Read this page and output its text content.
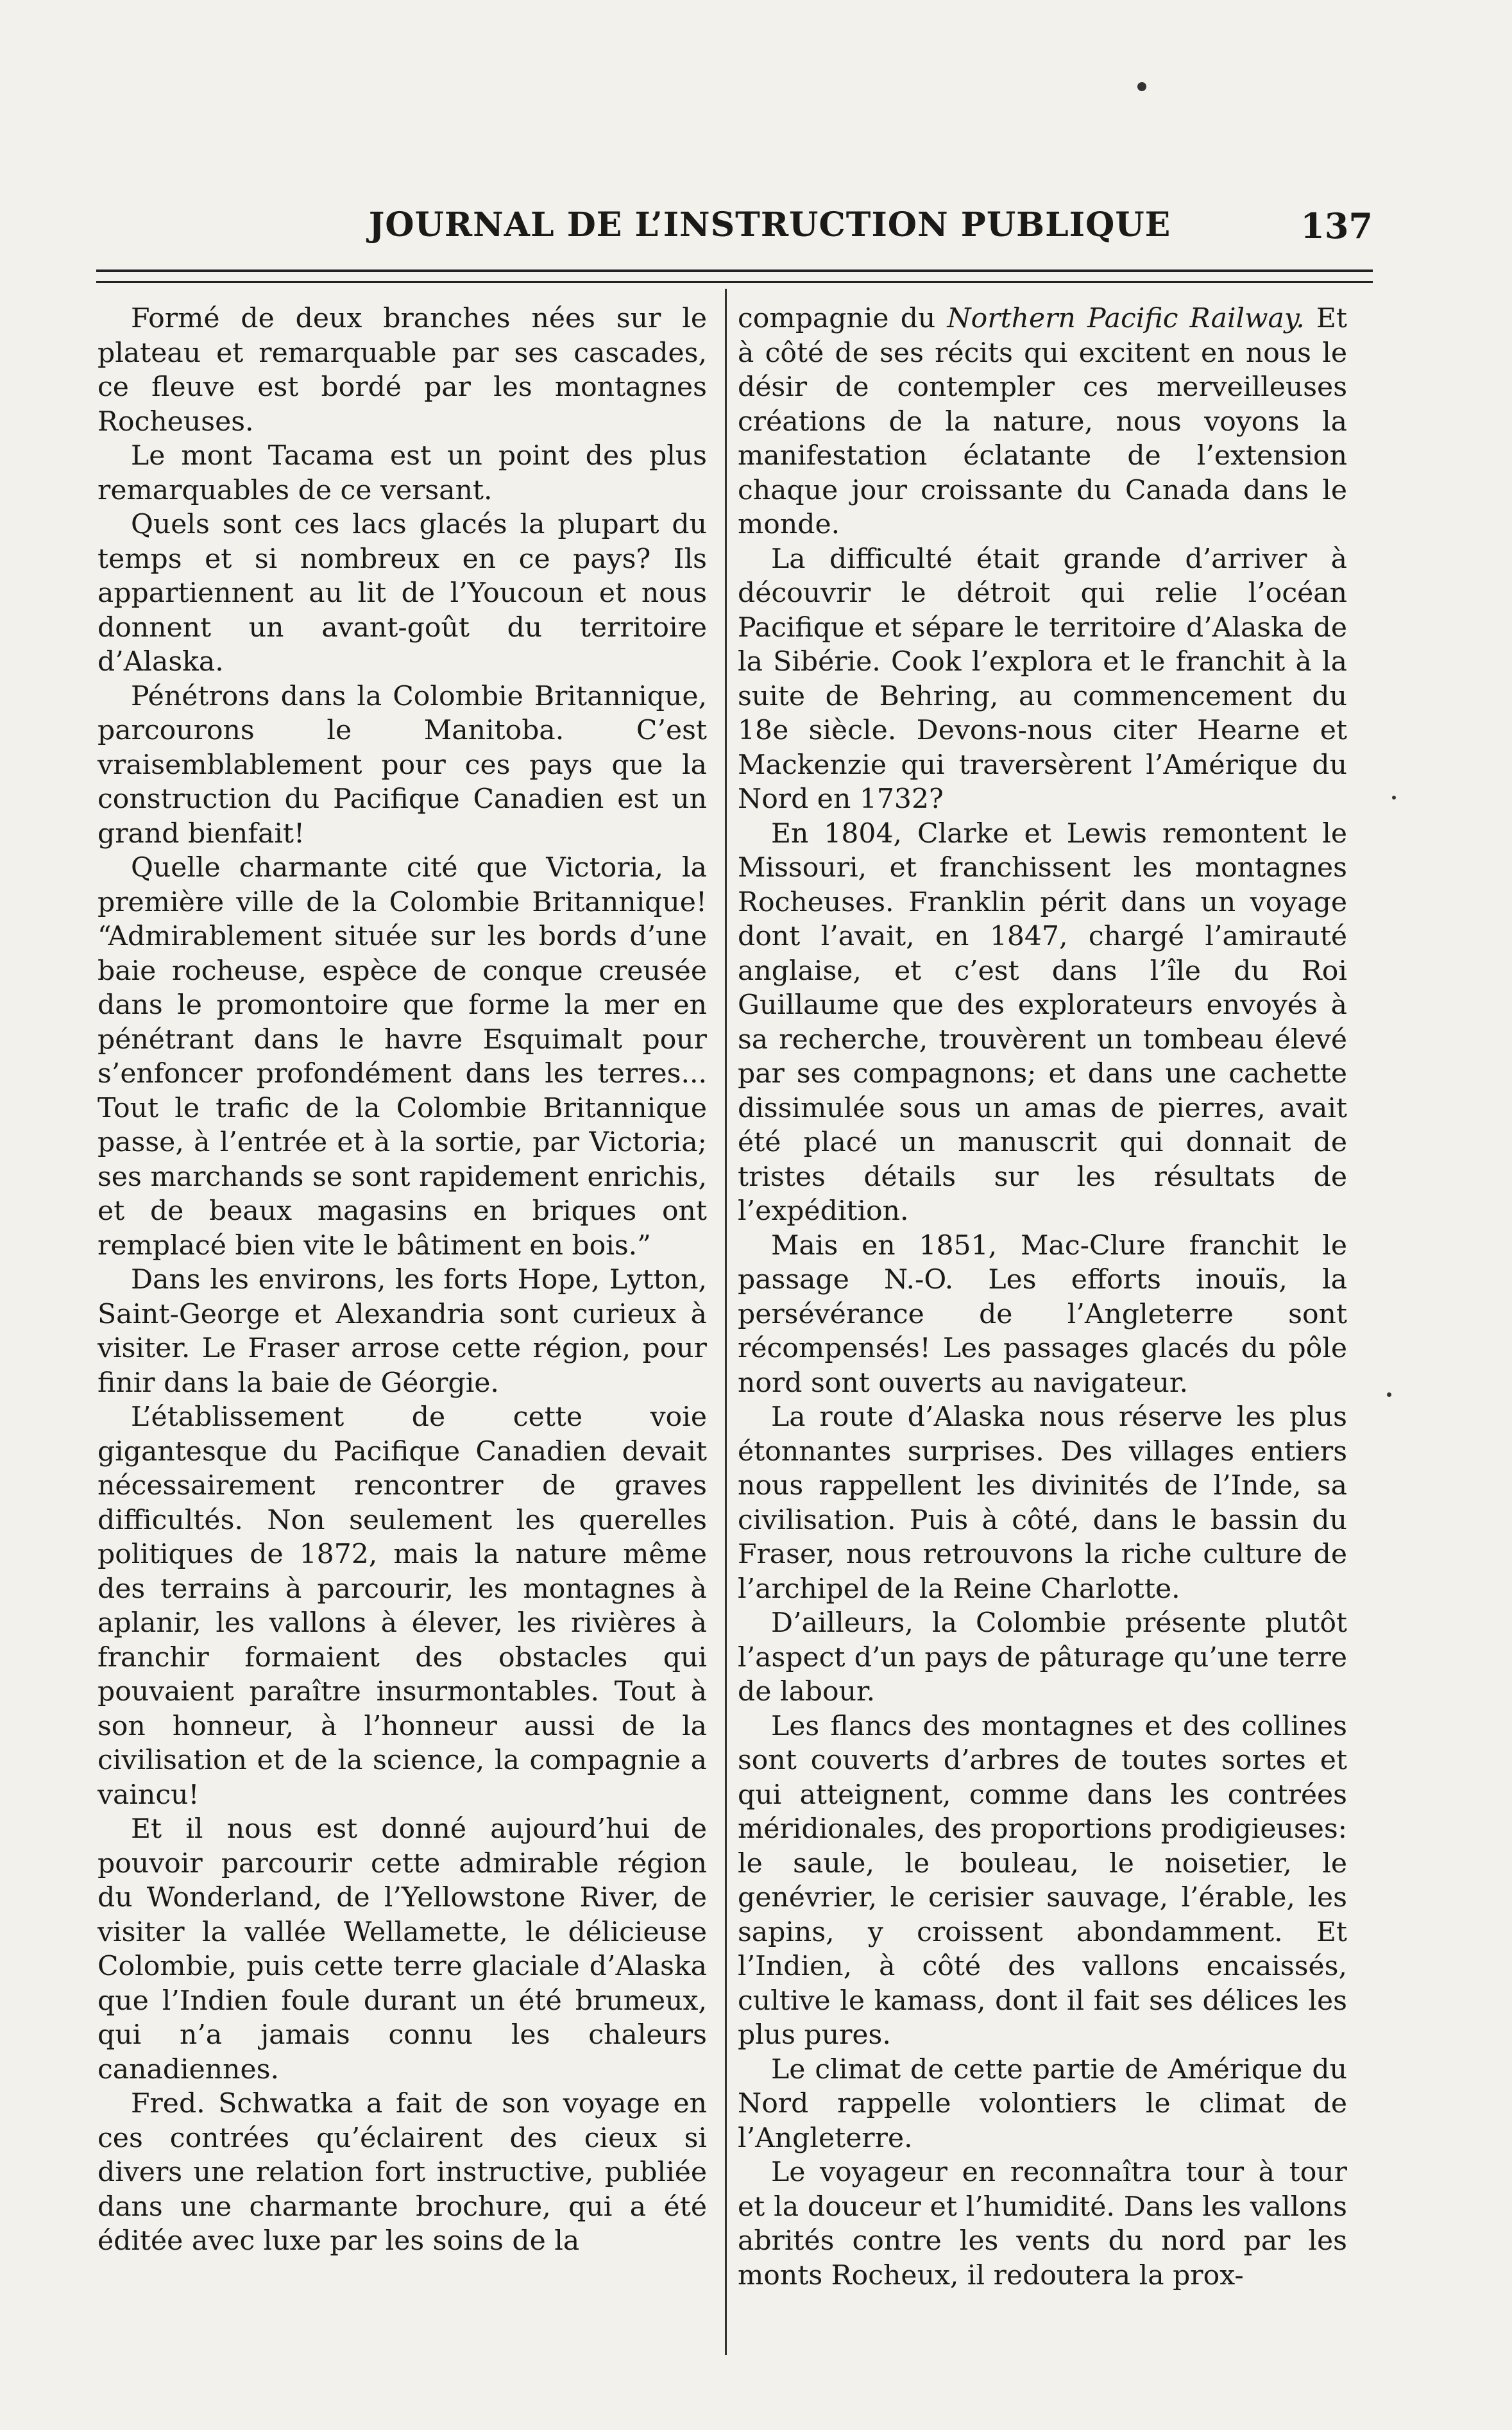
JOURNAL DE L’INSTRUCTION PUBLIQUE	137

Formé de deux branches nées sur le plateau et remarquable par ses cascades, ce fleuve est bordé par les montagnes Rocheuses.

Le mont Tacama est un point des plus remarquables de ce versant.

Quels sont ces lacs glacés la plupart du temps et si nombreux en ce pays? Ils appartiennent au lit de l’Youcoun et nous donnent un avant-goût du territoire d’Alaska.

Pénétrons dans la Colombie Britannique, parcourons le Manitoba. C’est vraisemblablement pour ces pays que la construction du Pacifique Canadien est un grand bienfait!

Quelle charmante cité que Victoria, la première ville de la Colombie Britannique! “Admirablement située sur les bords d’une baie rocheuse, espèce de conque creusée dans le promontoire que forme la mer en pénétrant dans le havre Esquimalt pour s’enfoncer profondément dans les terres... Tout le trafic de la Colombie Britannique passe, à l’entrée et à la sortie, par Victoria; ses marchands se sont rapidement enrichis, et de beaux magasins en briques ont remplacé bien vite le bâtiment en bois.”

Dans les environs, les forts Hope, Lytton, Saint-George et Alexandria sont curieux à visiter. Le Fraser arrose cette région, pour finir dans la baie de Géorgie.

L’établissement de cette voie gigantesque du Pacifique Canadien devait nécessairement rencontrer de graves difficultés. Non seulement les querelles politiques de 1872, mais la nature même des terrains à parcourir, les montagnes à aplanir, les vallons à élever, les rivières à franchir formaient des obstacles qui pouvaient paraître insurmontables. Tout à son honneur, à l’honneur aussi de la civilisation et de la science, la compagnie a vaincu!

Et il nous est donné aujourd’hui de pouvoir parcourir cette admirable région du Wonderland, de l’Yellowstone River, de visiter la vallée Wellamette, le délicieuse Colombie, puis cette terre glaciale d’Alaska que l’Indien foule durant un été brumeux, qui n’a jamais connu les chaleurs canadiennes.

Fred. Schwatka a fait de son voyage en ces contrées qu’éclairent des cieux si divers une relation fort instructive, publiée dans une charmante brochure, qui a été éditée avec luxe par les soins de la

compagnie du Northern Pacific Railway. Et à côté de ses récits qui excitent en nous le désir de contempler ces merveilleuses créations de la nature, nous voyons la manifestation éclatante de l’extension chaque jour croissante du Canada dans le monde.

La difficulté était grande d’arriver à découvrir le détroit qui relie l’océan Pacifique et sépare le territoire d’Alaska de la Sibérie. Cook l’explora et le franchit à la suite de Behring, au commencement du 18e siècle. Devons-nous citer Hearne et Mackenzie qui traversèrent l’Amérique du Nord en 1732?

En 1804, Clarke et Lewis remontent le Missouri, et franchissent les montagnes Rocheuses. Franklin périt dans un voyage dont l’avait, en 1847, chargé l’amirauté anglaise, et c’est dans l’île du Roi Guillaume que des explorateurs envoyés à sa recherche, trouvèrent un tombeau élevé par ses compagnons; et dans une cachette dissimulée sous un amas de pierres, avait été placé un manuscrit qui donnait de tristes détails sur les résultats de l’expédition.

Mais en 1851, Mac-Clure franchit le passage N.-O. Les efforts inouïs, la persévérance de l’Angleterre sont récompensés! Les passages glacés du pôle nord sont ouverts au navigateur.

La route d’Alaska nous réserve les plus étonnantes surprises. Des villages entiers nous rappellent les divinités de l’Inde, sa civilisation. Puis à côté, dans le bassin du Fraser, nous retrouvons la riche culture de l’archipel de la Reine Charlotte.

D’ailleurs, la Colombie présente plutôt l’aspect d’un pays de pâturage qu’une terre de labour.

Les flancs des montagnes et des collines sont couverts d’arbres de toutes sortes et qui atteignent, comme dans les contrées méridionales, des proportions prodigieuses: le saule, le bouleau, le noisetier, le genévrier, le cerisier sauvage, l’érable, les sapins, y croissent abondamment. Et l’Indien, à côté des vallons encaissés, cultive le kamass, dont il fait ses délices les plus pures.

Le climat de cette partie de Amérique du Nord rappelle volontiers le climat de l’Angleterre.

Le voyageur en reconnaîtra tour à tour et la douceur et l’humidité. Dans les vallons abrités contre les vents du nord par les monts Rocheux, il redoutera la prox-
